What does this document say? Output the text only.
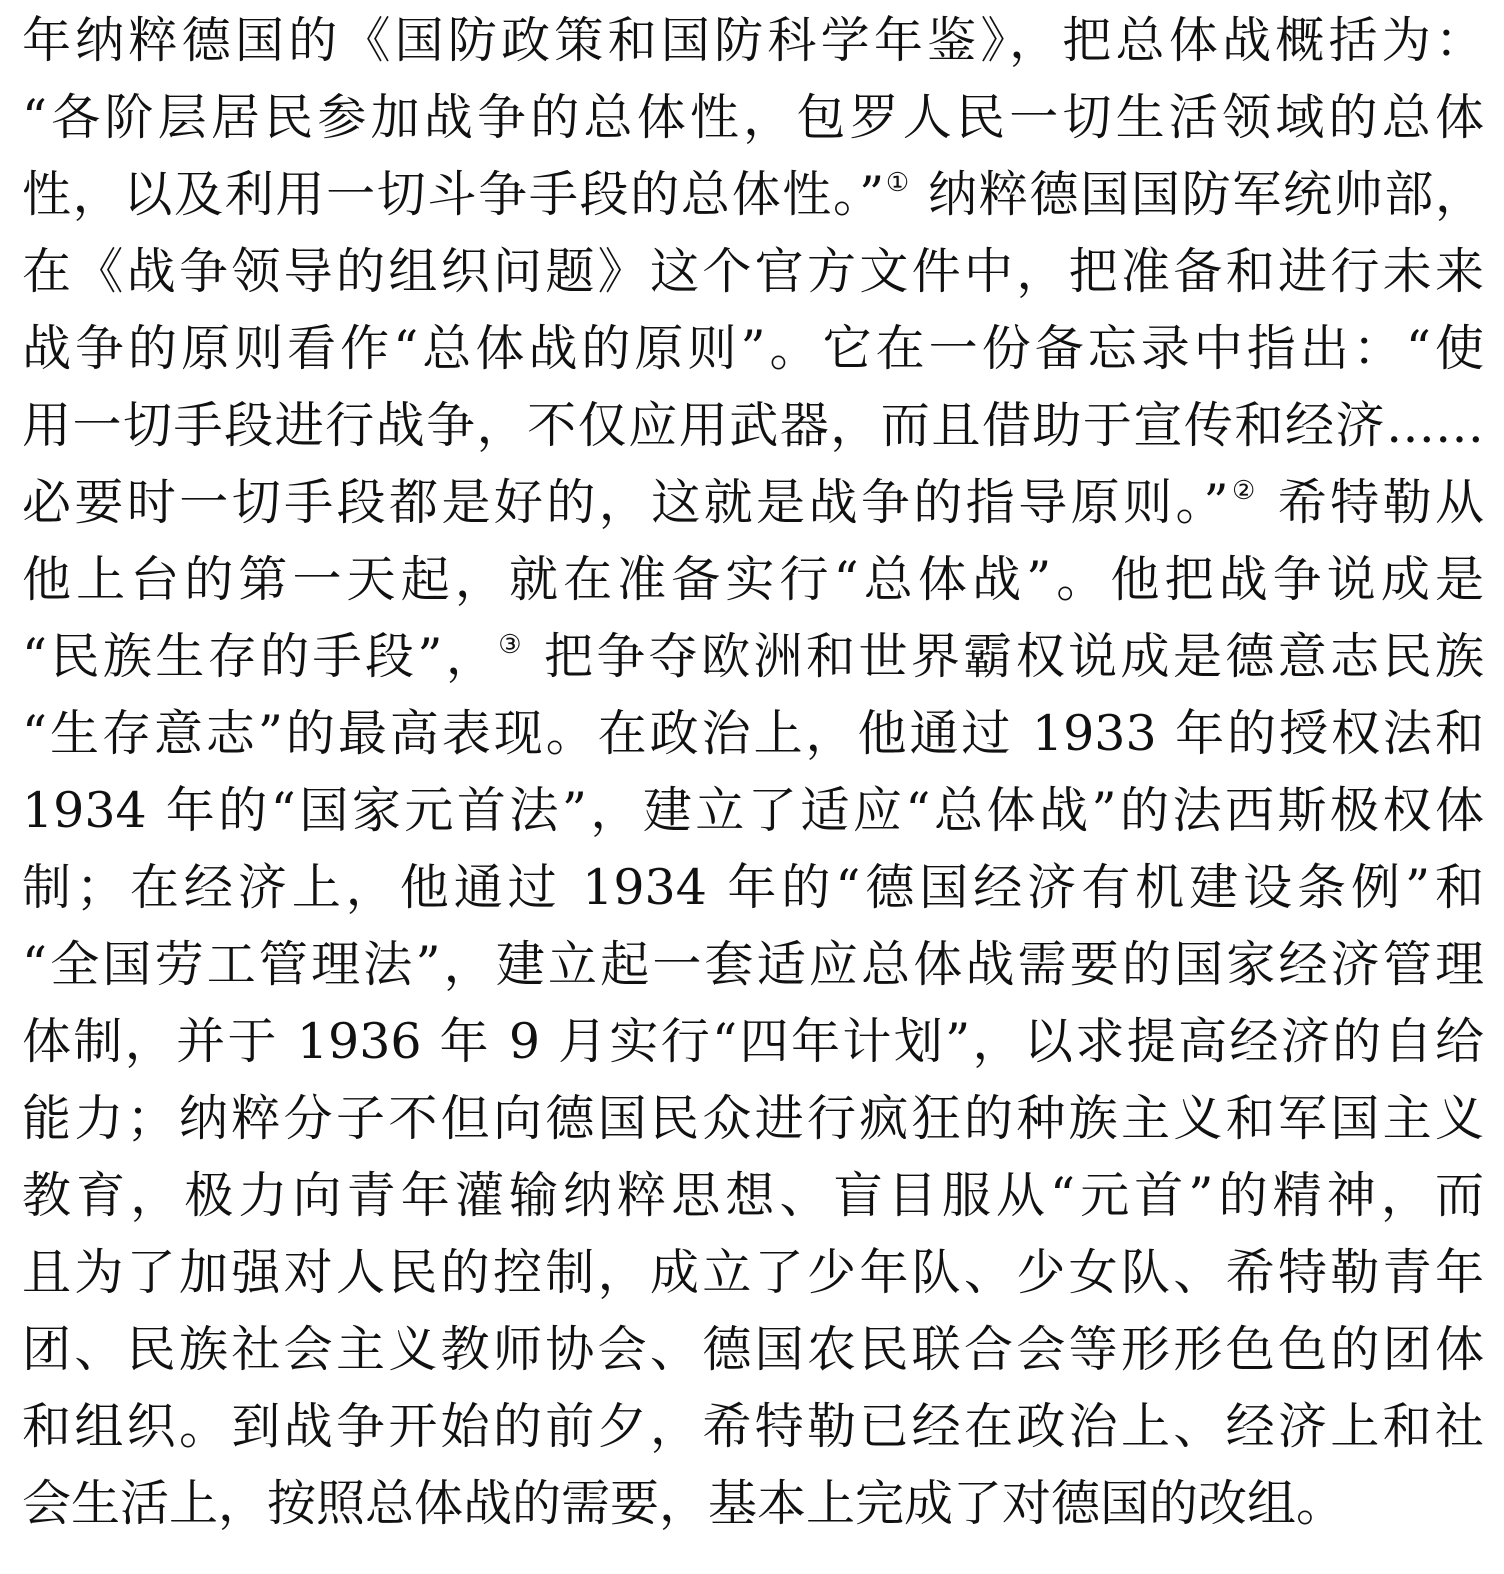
年纳粹德国的《国防政策和国防科学年鉴》，把总体战概括为：
“各阶层居民参加战争的总体性，包罗人民一切生活领域的总体
性，以及利用一切斗争手段的总体性。”① 纳粹德国国防军统帅部，
在《战争领导的组织问题》这个官方文件中，把准备和进行未来
战争的原则看作“总体战的原则”。它在一份备忘录中指出：“使
用一切手段进行战争，不仅应用武器，而且借助于宣传和经济……
必要时一切手段都是好的，这就是战争的指导原则。”② 希特勒从
他上台的第一天起，就在准备实行“总体战”。他把战争说成是
“民族生存的手段”，③ 把争夺欧洲和世界霸权说成是德意志民族
“生存意志”的最高表现。在政治上，他通过 1933 年的授权法和
1934 年的“国家元首法”，建立了适应“总体战”的法西斯极权体
制；在经济上，他通过 1934 年的“德国经济有机建设条例”和
“全国劳工管理法”，建立起一套适应总体战需要的国家经济管理
体制，并于 1936 年 9 月实行“四年计划”，以求提高经济的自给
能力；纳粹分子不但向德国民众进行疯狂的种族主义和军国主义
教育，极力向青年灌输纳粹思想、盲目服从“元首”的精神，而
且为了加强对人民的控制，成立了少年队、少女队、希特勒青年
团、民族社会主义教师协会、德国农民联合会等形形色色的团体
和组织。到战争开始的前夕，希特勒已经在政治上、经济上和社
会生活上，按照总体战的需要，基本上完成了对德国的改组。
